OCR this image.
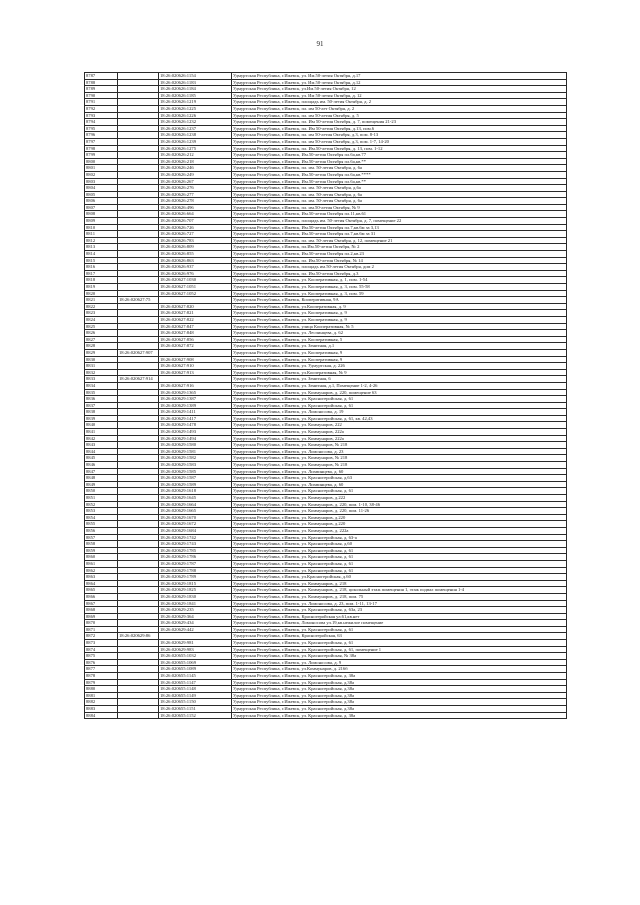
91
8787		18:26:020626:1154	Удмуртская Республика, г.Ижевск, ул. Им.50-летия Октября, д.17
8788		18:26:020626:1183	Удмуртская Республика, г.Ижевск, ул. Им.50-летия Октября, д.12
8789		18:26:020626:1184	Удмуртская Республика, г.Ижевск, ул.Им.50-летия Октября, 12
8790		18:26:020626:1185	Удмуртская Республика, г.Ижевск, ул. Им 50-летия Октября, д. 12
8791		18:26:020626:1219	Удмуртская Республика, г.Ижевск, площадь им. 50-летия Октября, д. 2
8792		18:26:020626:1225	Удмуртская Республика, г.Ижевск, пл. им 50-лет Октября, д. 2
8793		18:26:020626:1226	Удмуртская Республика, г.Ижевск, пл. им 50-летия Октября, д. 5
8794		18:26:020626:1232	Удмуртская Республика, г.Ижевск, пл. Им 50-летия Октября, д. 7, помещения 21-23
8795		18:26:020626:1237	Удмуртская Республика, г.Ижевск, пл. Им 50-летия Октября, д.13, пом.6
8796		18:26:020626:1238	Удмуртская Республика, г.Ижевск, пл. им 50-летия Октября, д.3, пом. 8-13
8797		18:26:020626:1239	Удмуртская Республика, г.Ижевск, пл. им 50-летия Октября, д.3, пом. 1-7, 14-20
8798		18:26:020626:1275	Удмуртская Республика, г.Ижевск, пл. Им.50-летия Октября, д. 13, пом. 1-12
8799		18:26:020626:212	Удмуртская Республика, г.Ижевск, Им.50-летия Октября пл.6а,кв.77
8800		18:26:020626:218	Удмуртская Республика, г.Ижевск, Им.50-летия Октября пл.6а,кв.**
8801		18:26:020626:246	Удмуртская Республика, г.Ижевск, пл. им. 50-летия Октября, д. 6а
8802		18:26:020626:249	Удмуртская Республика, г.Ижевск, Им.50-летия Октября пл.6а,кв.****
8803		18:26:020626:267	Удмуртская Республика, г.Ижевск, Им.50-летия Октября пл.6а,кв.**
8804		18:26:020626:276	Удмуртская Республика, г.Ижевск, пл. им. 50-летия Октября, д.6а
8805		18:26:020626:277	Удмуртская Республика, г.Ижевск, пл. им. 50-летия Октября, д. 6а
8806		18:26:020626:278	Удмуртская Республика, г.Ижевск, пл. им. 50-летия Октября, д. 6а
8807		18:26:020626:496	Удмуртская Республика, г.Ижевск, пл. им.50-летия Октября, № 9
8808		18:26:020626:664	Удмуртская Республика, г.Ижевск, Им.50-летия Октября пл.11,кв.61
8809		18:26:020626:707	Удмуртская Республика, г.Ижевск, площадь им. 50-летия Октября, д. 7, помещение 22
8810		18:26:020626:726	Удмуртская Республика, г.Ижевск, Им.50-летия Октября пл.7,кв.6м за 3,13
8811		18:26:020626:727	Удмуртская Республика, г.Ижевск, Им.50-летия Октября пл.7,кв.6м за 31
8812		18:26:020626:783	Удмуртская Республика, г.Ижевск, пл. им. 50-летия Октября, д. 12, помещение 21
8813		18:26:020626:809	Удмуртская Республика, г.Ижевск, пл.Им.50-летия Октября, № 2
8814		18:26:020626:855	Удмуртская Республика, г.Ижевск, Им.50-летия Октября пл.2,кв.23
8815		18:26:020626:863	Удмуртская Республика, г.Ижевск, пл. Им.50-летия Октября, № 14
8816		18:26:020626:937	Удмуртская Республика, г.Ижевск, площадь им.50-летия Октября, дом 2
8817		18:26:020626:976	Удмуртская Республика, г.Ижевск, пл. Им.50-летия Октября, д.3
8818		18:26:020627:1030	Удмуртская Республика, г.Ижевск, ул. Кооперативная, д. 1, пом. 1-54
8819		18:26:020627:1051	Удмуртская Республика, г.Ижевск, ул. Кооперативная, д. 3, пом. 55-58
8820		18:26:020627:1052	Удмуртская Республика, г.Ижевск, ул. Кооперативная, д. 3, пом. 59
8821	18:26:020627:75		Удмуртская Республика, г.Ижевск, Кооперативная, 9А
8822		18:26:020627:820	Удмуртская Республика, г.Ижевск, ул.Кооперативная, д. 9
8823		18:26:020627:821	Удмуртская Республика, г.Ижевск, ул. Кооперативная, д. 9
8824		18:26:020627:822	Удмуртская Республика, г.Ижевск, ул. Кооперативная, д. 9
8825		18:26:020627:847	Удмуртская Республика, г.Ижевск, улица Кооперативная, № 5
8826		18:26:020627:848	Удмуртская Республика, г.Ижевск, ул. Леспинцева, д. 62
8827		18:26:020627:856	Удмуртская Республика, г.Ижевск, ул. Кооперативная, 5
8828		18:26:020627:872	Удмуртская Республика, г.Ижевск, ул. Зенитная, д.1
8829	18:26:020627:907		Удмуртская Республика, г.Ижевск, ул. Кооперативная, 9
8830		18:26:020627:908	Удмуртская Республика, г.Ижевск, ул. Кооперативная, 9
8831		18:26:020627:910	Удмуртская Республика, г.Ижевск, ул. Удмуртская, д. 226
8832		18:26:020627:913	Удмуртская Республика, г.Ижевск, ул.Кооперативная, № 9
8833	18:26:020627:914		Удмуртская Республика, г.Ижевск, ул. Зенитная, 6
8834		18:26:020627:916	Удмуртская Республика, г.Ижевск, ул. Зенитная, д.1, Помещение 1-2, 4-26
8835		18:26:020629:1365	Удмуртская Республика, г.Ижевск, ул. Коммунаров, д. 220, помещение 63
8836		18:26:020629:1387	Удмуртская Республика, г.Ижевск, ул. Красногеройская, д. 61
8837		18:26:020629:1389	Удмуртская Республика, г.Ижевск, ул. Красногеройская, д. 61
8838		18:26:020629:1411	Удмуртская Республика, г.Ижевск, ул. Ломоносова, д. 19
8839		18:26:020629:1417	Удмуртская Республика, г.Ижевск, ул. Красногеройская, д. 61, кв. 42,43
8840		18:26:020629:1478	Удмуртская Республика, г.Ижевск, ул. Коммунаров, 222
8841		18:26:020629:1493	Удмуртская Республика, г.Ижевск, ул. Коммунаров, 222а
8842		18:26:020629:1494	Удмуртская Республика, г.Ижевск, ул. Коммунаров, 222а
8843		18:26:020629:1580	Удмуртская Республика, г.Ижевск, ул. Коммунаров, № 218
8844		18:26:020629:1581	Удмуртская Республика, г.Ижевск, ул. Ломоносова, д. 23
8845		18:26:020629:1582	Удмуртская Республика, г.Ижевск, ул. Коммунаров, № 218
8846		18:26:020629:1583	Удмуртская Республика, г.Ижевск, ул. Коммунаров, № 218
8847		18:26:020629:1585	Удмуртская Республика, г.Ижевск, ул. Лихвинцева, д. 60
8848		18:26:020629:1587	Удмуртская Республика, г.Ижевск, ул. Красногеройская, д.63
8849		18:26:020629:1589	Удмуртская Республика, г.Ижевск, ул. Лихвинцева, д. 60
8850		18:26:020629:1618	Удмуртская Республика, г.Ижевск, ул. Красногеройская, д. 61
8851		18:26:020629:1645	Удмуртская Республика, г.Ижевск, ул. Коммунаров, д.222
8852		18:26:020629:1664	Удмуртская Республика, г.Ижевск, ул. Коммунаров, д. 220, пом. 1-10, 38-46
8853		18:26:020629:1665	Удмуртская Республика, г.Ижевск, ул. Коммунаров, д. 220, пом. 11-26
8854		18:26:020629:1670	Удмуртская Республика, г.Ижевск, ул. Коммунаров, д.220
8855		18:26:020629:1672	Удмуртская Республика, г.Ижевск, ул. Коммунаров, д.220
8856		18:26:020629:1684	Удмуртская Республика, г.Ижевск, ул. Коммунаров, д. 222а
8857		18:26:020629:1742	Удмуртская Республика, г.Ижевск, ул. Красногеройская, д. 63-а
8858		18:26:020629:1743	Удмуртская Республика, г.Ижевск, ул. Красногеройская, д.60
8859		18:26:020629:1785	Удмуртская Республика, г.Ижевск, ул. Красногеройская, д. 61
8860		18:26:020629:1786	Удмуртская Республика, г.Ижевск, ул. Красногеройская, д. 61
8861		18:26:020629:1787	Удмуртская Республика, г.Ижевск, ул. Красногеройская, д. 61
8862		18:26:020629:1788	Удмуртская Республика, г.Ижевск, ул. Красногеройская, д. 61
8863		18:26:020629:1789	Удмуртская Республика, г.Ижевск, ул.Красногеройская, д.60
8864		18:26:020629:1815	Удмуртская Республика, г.Ижевск, ул. Коммунаров, д. 218
8865		18:26:020629:1825	Удмуртская Республика, г.Ижевск, ул. Коммунаров, д. 218, цокольный этаж помещения 1, этаж подвал помещения 1-4
8866		18:26:020629:1830	Удмуртская Республика, г.Ижевск, ул. Коммунаров, д. 218, пом. 75
8867		18:26:020629:1841	Удмуртская Республика, г.Ижевск, ул. Ломоносова, д. 23, пом. 1-11, 13-17
8868		18:26:020629:235	Удмуртская Республика, г.Ижевск, ул. Красногеройская, д. 63а, 23
8869		18:26:020629:364	Удмуртская Республика, г.Ижевск, Красногеройская ул.61,кв.нет
8870		18:26:020629:434	Удмуртская Республика, г.Ижевск, Ломоносова ул.19,кв.нежилое помещение
8871		18:26:020629:442	Удмуртская Республика, г.Ижевск, ул. Красногеройская, д. 61
8872	18:26:020629:86		Удмуртская Республика, г.Ижевск, Красногеройская, 63
8873		18:26:020629:981	Удмуртская Республика, г.Ижевск, ул. Красногеройская, д. 61
8874		18:26:020629:983	Удмуртская Республика, г.Ижевск, ул. Красногеройская, д. 61, помещение 1
8875		18:26:020655:1032	Удмуртская Республика, г.Ижевск, ул. Красногеройская, № 38а
8876		18:26:020655:1069	Удмуртская Республика, г.Ижевск, ул. Ломоносова, д. 9
8877		18:26:020655:1089	Удмуртская Республика, г.Ижевск, ул.Коммунаров, д. 216б
8878		18:26:020655:1145	Удмуртская Республика, г.Ижевск, ул. Красногеройская, д. 38а
8879		18:26:020655:1147	Удмуртская Республика, г.Ижевск, ул. Красногеройская, д.38а
8880		18:26:020655:1148	Удмуртская Республика, г.Ижевск, ул. Красногеройская, д.38а
8881		18:26:020655:1149	Удмуртская Республика, г.Ижевск, ул. Красногеройская, д.38а
8882		18:26:020655:1150	Удмуртская Республика, г.Ижевск, ул. Красногеройская, д.38а
8883		18:26:020655:1151	Удмуртская Республика, г.Ижевск, ул. Красногеройская, д.38а
8884		18:26:020655:1152	Удмуртская Республика, г.Ижевск, ул. Красногеройская, д. 38а
